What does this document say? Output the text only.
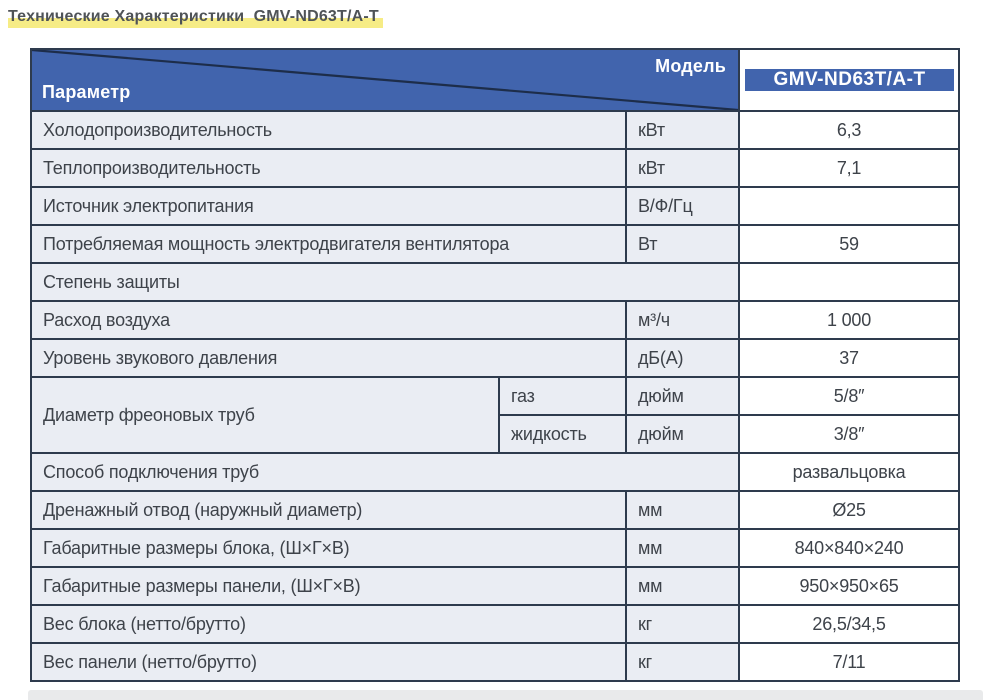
Технические Характеристики  GMV-ND63T/A-T
Модель
Параметр			GMV-ND63T/A-T

Холодопроизводительность		кВт	6,3
Теплопроизводительность		кВт	7,1
Источник электропитания		В/Ф/Гц	
Потребляемая мощность электродвигателя вентилятора		Вт	59
Степень защиты			
Расход воздуха		м³/ч	1 000
Уровень звукового давления		дБ(А)	37
Диаметр фреоновых труб	газ	дюйм	5/8″
	жидкость	дюйм	3/8″
Способ подключения труб			развальцовка
Дренажный отвод (наружный диаметр)		мм	Ø25
Габаритные размеры блока, (Ш×Г×В)		мм	840×840×240
Габаритные размеры панели, (Ш×Г×В)		мм	950×950×65
Вес блока (нетто/брутто)		кг	26,5/34,5
Вес панели (нетто/брутто)		кг	7/11
